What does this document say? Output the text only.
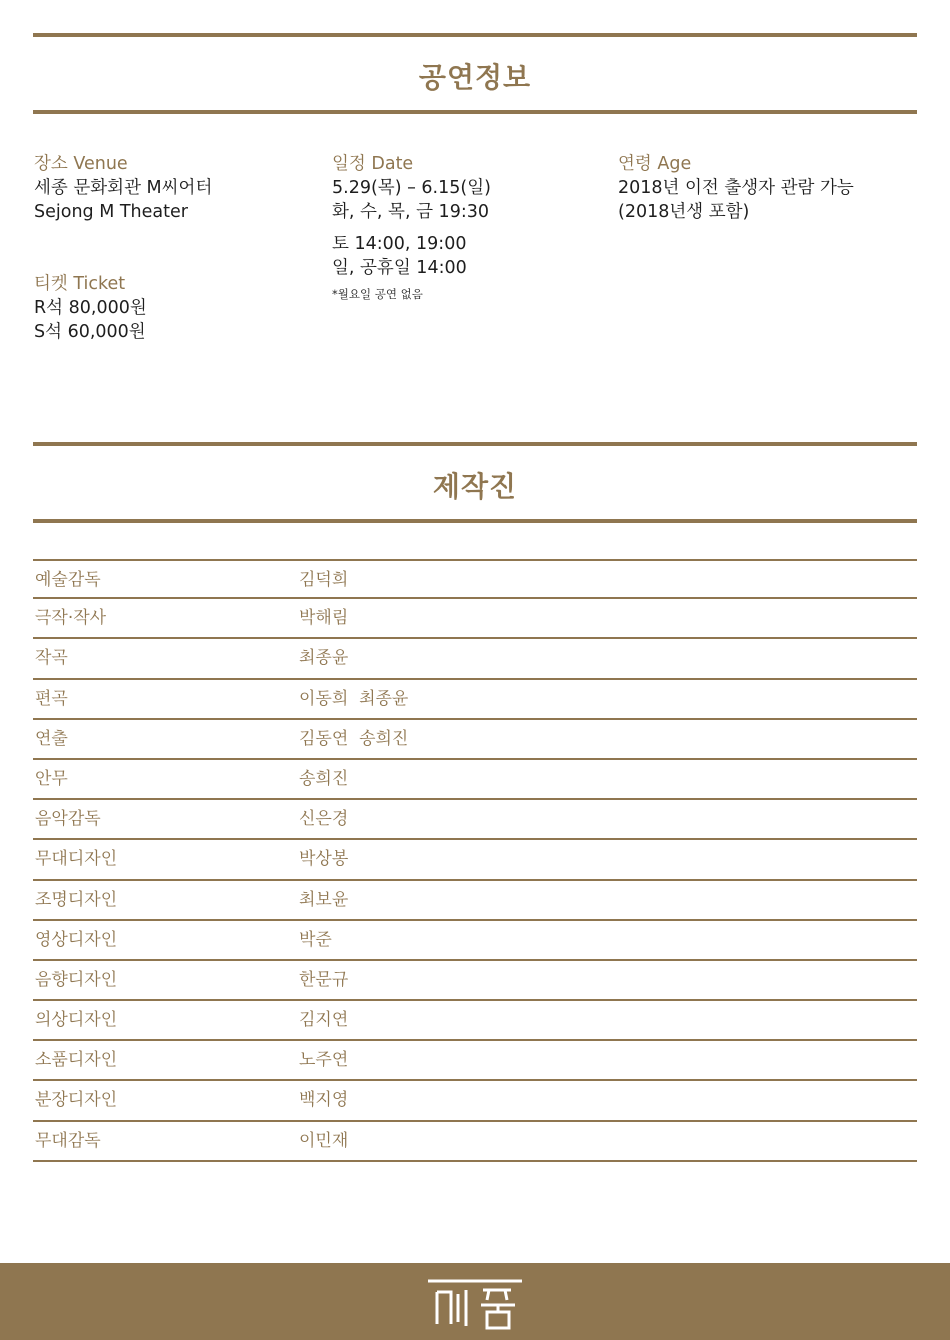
공연정보
장소 Venue
세종 문화회관 M씨어터
Sejong M Theater
티켓 Ticket
R석 80,000원
S석 60,000원
일정 Date
5.29(목) – 6.15(일)
화, 수, 목, 금 19:30
토 14:00, 19:00
일, 공휴일 14:00
*월요일 공연 없음
연령 Age
2018년 이전 출생자 관람 가능
(2018년생 포함)
제작진
예술감독	김덕희
극작·작사	박해림
작곡	최종윤
편곡	이동희  최종윤
연출	김동연  송희진
안무	송희진
음악감독	신은경
무대디자인	박상봉
조명디자인	최보윤
영상디자인	박준
음향디자인	한문규
의상디자인	김지연
소품디자인	노주연
분장디자인	백지영
무대감독	이민재
